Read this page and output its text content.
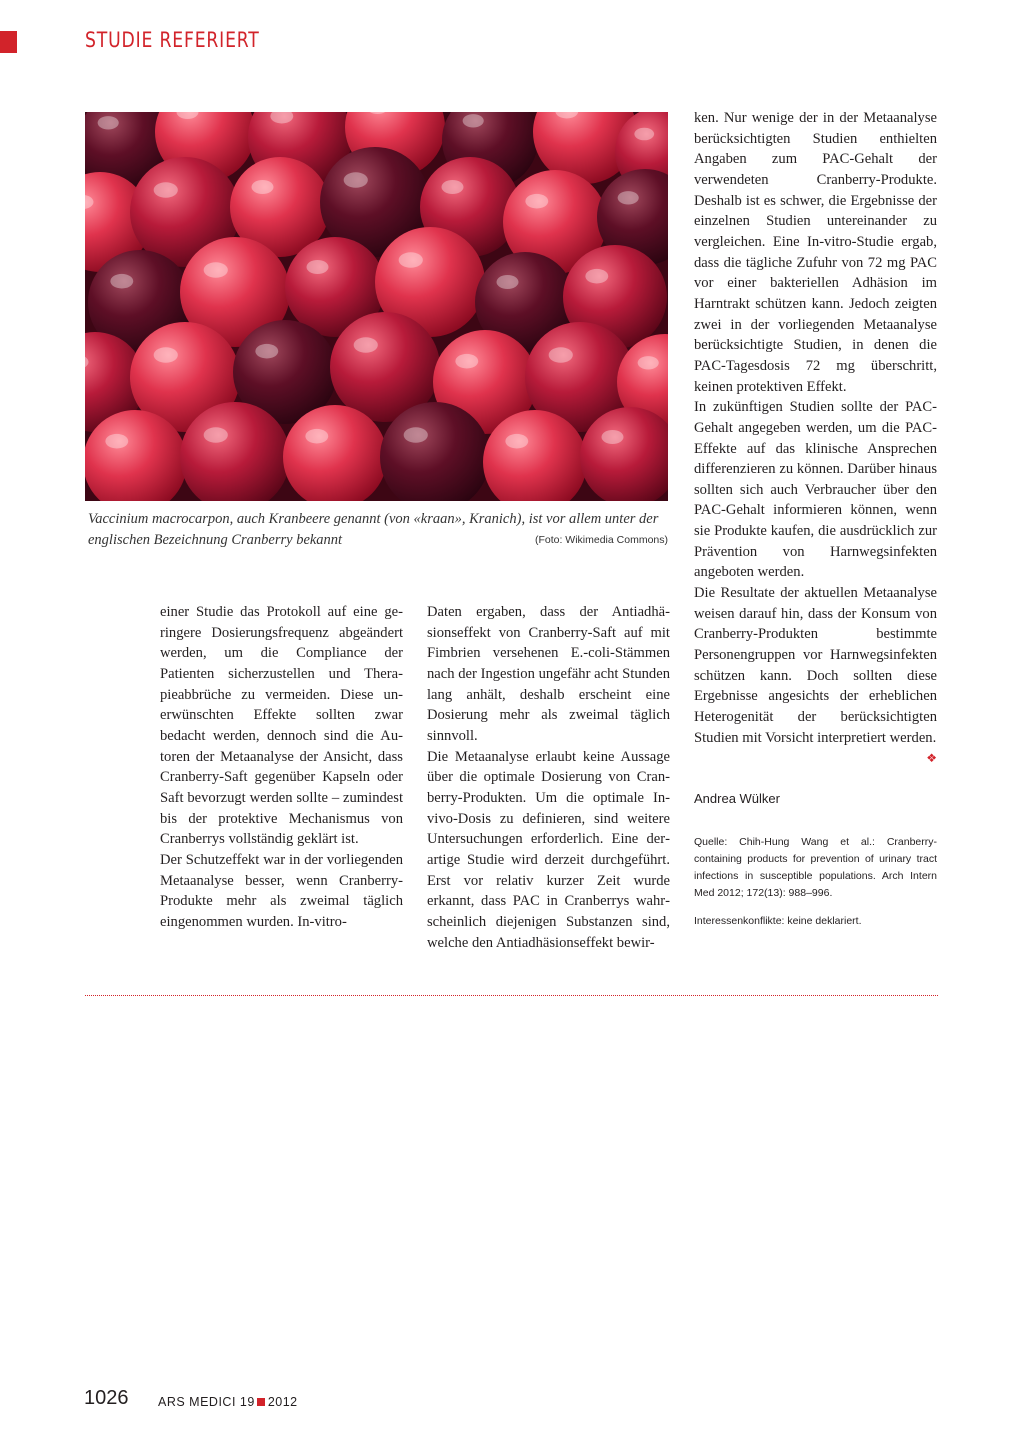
STUDIE REFERIERT
Vaccinium macrocarpon, auch Kranbeere genannt (von «kraan», Kranich), ist vor allem unter der englischen Bezeichnung Cranberry bekannt	(Foto: Wikimedia Commons)

einer Studie das Protokoll auf eine geringere Dosierungsfrequenz abgeändert werden, um die Compliance der Patienten sicherzustellen und Therapieabbrüche zu vermeiden. Diese unerwünschten Effekte sollten zwar bedacht werden, dennoch sind die Autoren der Metaanalyse der Ansicht, dass Cranberry-Saft gegenüber Kapseln oder Saft bevorzugt werden sollte – zumindest bis der protektive Mechanismus von Cranberrys vollständig geklärt ist.

Der Schutzeffekt war in der vorliegenden Metaanalyse besser, wenn Cranberry-Produkte mehr als zweimal täglich eingenommen wurden. In-vitro-

Daten ergaben, dass der Antiadhäsionseffekt von Cranberry-Saft auf mit Fimbrien versehenen E.-coli-Stämmen nach der Ingestion ungefähr acht Stunden lang anhält, deshalb erscheint eine Dosierung mehr als zweimal täglich sinnvoll.

Die Metaanalyse erlaubt keine Aussage über die optimale Dosierung von Cranberry-Produkten. Um die optimale Invivo-Dosis zu definieren, sind weitere Untersuchungen erforderlich. Eine derartige Studie wird derzeit durchgeführt. Erst vor relativ kurzer Zeit wurde erkannt, dass PAC in Cranberrys wahrscheinlich diejenigen Substanzen sind, welche den Antiadhäsionseffekt bewir-

ken. Nur wenige der in der Metaanalyse berücksichtigten Studien enthielten Angaben zum PAC-Gehalt der verwendeten Cranberry-Produkte. Deshalb ist es schwer, die Ergebnisse der einzelnen Studien untereinander zu vergleichen. Eine In-vitro-Studie ergab, dass die tägliche Zufuhr von 72 mg PAC vor einer bakteriellen Adhäsion im Harntrakt schützen kann. Jedoch zeigten zwei in der vorliegenden Metaanalyse berücksichtigte Studien, in denen die PAC-Tagesdosis 72 mg überschritt, keinen protektiven Effekt.

In zukünftigen Studien sollte der PAC-Gehalt angegeben werden, um die PAC-Effekte auf das klinische Ansprechen differenzieren zu können. Darüber hinaus sollten sich auch Verbraucher über den PAC-Gehalt informieren können, wenn sie Produkte kaufen, die ausdrücklich zur Prävention von Harnwegsinfekten angeboten werden.

Die Resultate der aktuellen Metaanalyse weisen darauf hin, dass der Konsum von Cranberry-Produkten bestimmte Personengruppen vor Harnwegsinfekten schützen kann. Doch sollten diese Ergebnisse angesichts der erheblichen Heterogenität der berücksichtigten Studien mit Vorsicht interpretiert werden.
❖

Andrea Wülker
Quelle: Chih-Hung Wang et al.: Cranberry-containing products for prevention of urinary tract infections in susceptible populations. Arch Intern Med 2012; 172(13): 988–996.
Interessenkonflikte: keine deklariert.
1026 ARS MEDICI 19 2012
